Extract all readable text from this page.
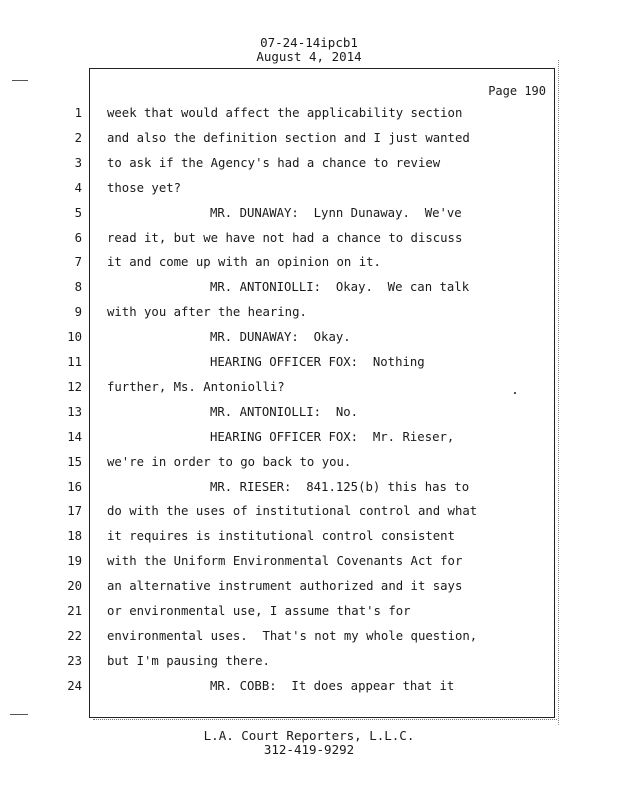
07-24-14ipcb1
August 4, 2014
Page 190
1 week that would affect the applicability section
2 and also the definition section and I just wanted
3 to ask if the Agency's had a chance to review
4 those yet?
5	MR. DUNAWAY:  Lynn Dunaway.  We've
6 read it, but we have not had a chance to discuss
7 it and come up with an opinion on it.
8	MR. ANTONIOLLI:  Okay.  We can talk
9 with you after the hearing.
10	MR. DUNAWAY:  Okay.
11	HEARING OFFICER FOX:  Nothing
12 further, Ms. Antoniolli?
13	MR. ANTONIOLLI:  No.
14	HEARING OFFICER FOX:  Mr. Rieser,
15 we're in order to go back to you.
16	MR. RIESER:  841.125(b) this has to
17 do with the uses of institutional control and what
18 it requires is institutional control consistent
19 with the Uniform Environmental Covenants Act for
20 an alternative instrument authorized and it says
21 or environmental use, I assume that's for
22 environmental uses.  That's not my whole question,
23 but I'm pausing there.
24	MR. COBB:  It does appear that it
L.A. Court Reporters, L.L.C.
312-419-9292
